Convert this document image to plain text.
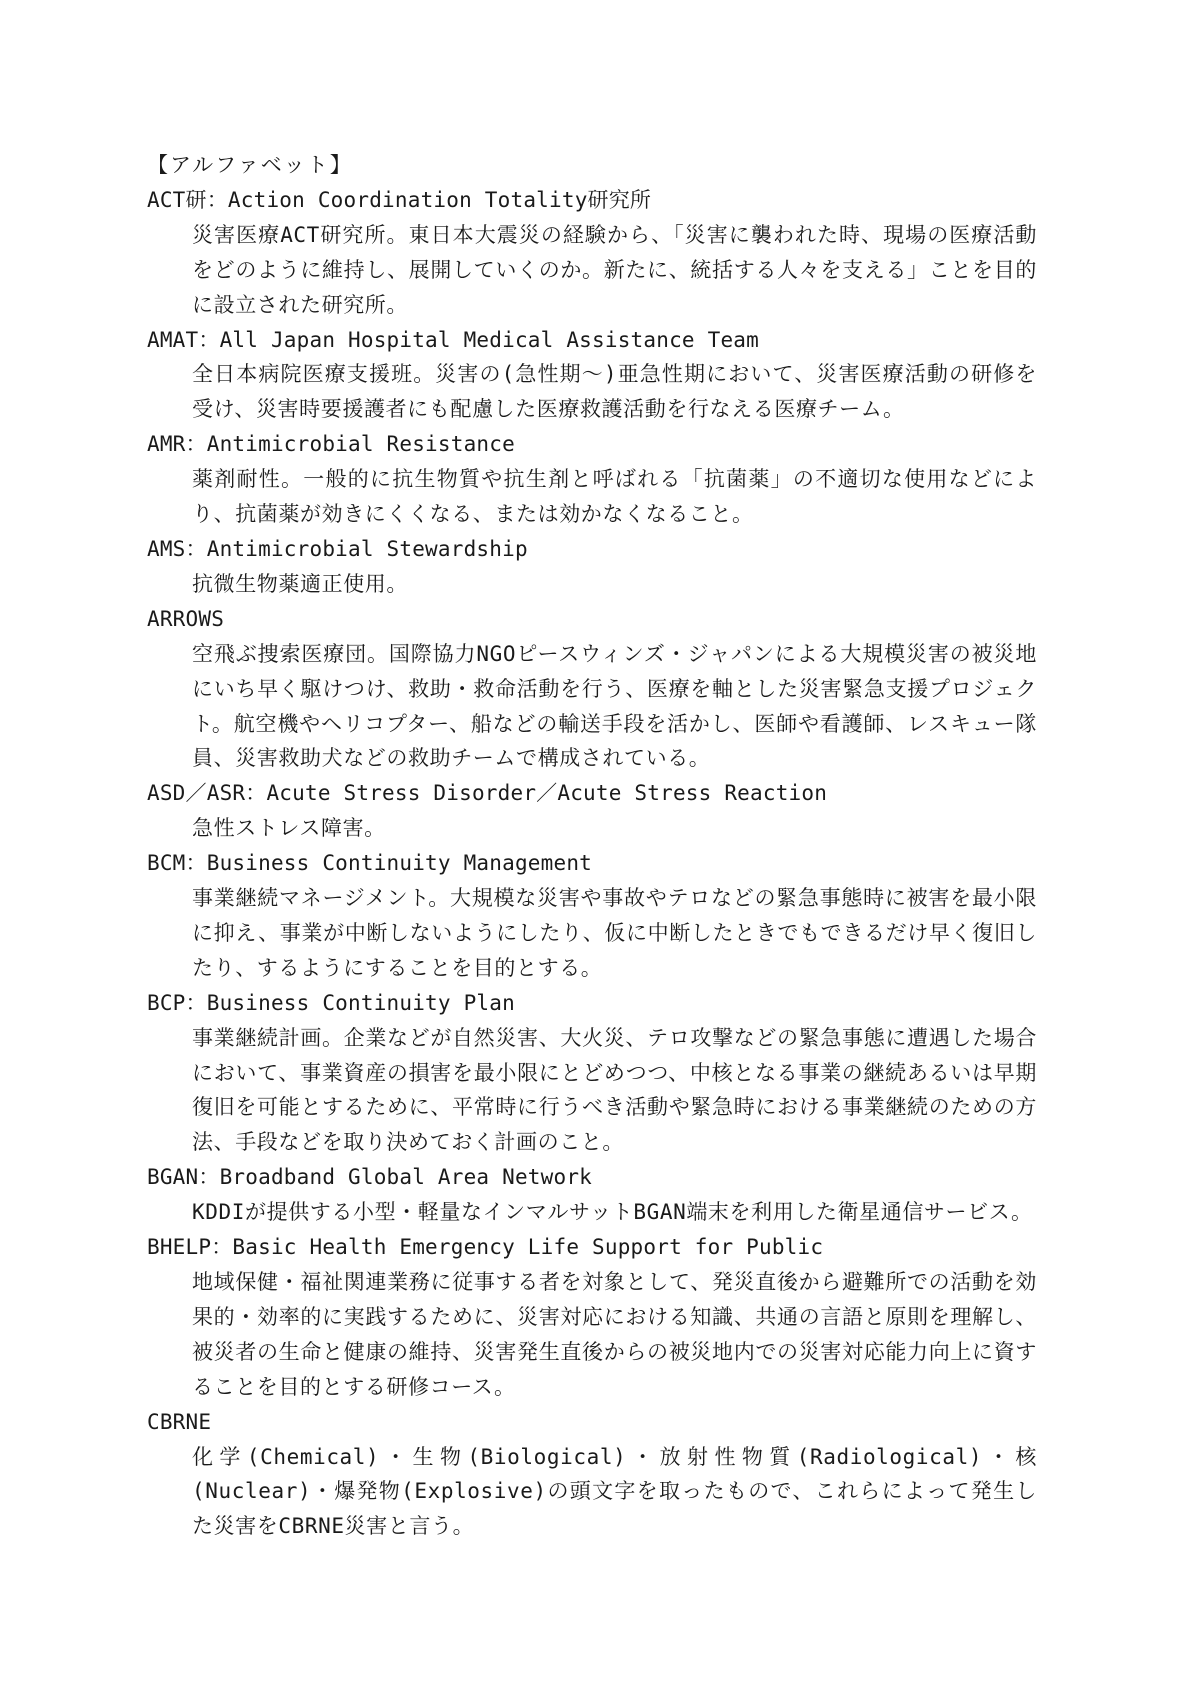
【アルファベット】

ACT研：Action Coordination Totality研究所

災害医療ACT研究所。東日本大震災の経験から、「災害に襲われた時、現場の医療活動をどのように維持し、展開していくのか。新たに、統括する人々を支える」ことを目的に設立された研究所。

AMAT：All Japan Hospital Medical Assistance Team

全日本病院医療支援班。災害の(急性期～)亜急性期において、災害医療活動の研修を受け、災害時要援護者にも配慮した医療救護活動を行なえる医療チーム。

AMR：Antimicrobial Resistance

薬剤耐性。一般的に抗生物質や抗生剤と呼ばれる「抗菌薬」の不適切な使用などにより、抗菌薬が効きにくくなる、または効かなくなること。

AMS：Antimicrobial Stewardship

抗微生物薬適正使用。

ARROWS

空飛ぶ捜索医療団。国際協力NGOピースウィンズ・ジャパンによる大規模災害の被災地にいち早く駆けつけ、救助・救命活動を行う、医療を軸とした災害緊急支援プロジェクト。航空機やヘリコプター、船などの輸送手段を活かし、医師や看護師、レスキュー隊員、災害救助犬などの救助チームで構成されている。

ASD／ASR：Acute Stress Disorder／Acute Stress Reaction

急性ストレス障害。

BCM：Business Continuity Management

事業継続マネージメント。大規模な災害や事故やテロなどの緊急事態時に被害を最小限に抑え、事業が中断しないようにしたり、仮に中断したときでもできるだけ早く復旧したり、するようにすることを目的とする。

BCP：Business Continuity Plan

事業継続計画。企業などが自然災害、大火災、テロ攻撃などの緊急事態に遭遇した場合において、事業資産の損害を最小限にとどめつつ、中核となる事業の継続あるいは早期復旧を可能とするために、平常時に行うべき活動や緊急時における事業継続のための方法、手段などを取り決めておく計画のこと。

BGAN：Broadband Global Area Network

KDDIが提供する小型・軽量なインマルサットBGAN端末を利用した衛星通信サービス。

BHELP：Basic Health Emergency Life Support for Public

地域保健・福祉関連業務に従事する者を対象として、発災直後から避難所での活動を効果的・効率的に実践するために、災害対応における知識、共通の言語と原則を理解し、被災者の生命と健康の維持、災害発生直後からの被災地内での災害対応能力向上に資することを目的とする研修コース。

CBRNE

化学(Chemical)・生物(Biological)・放射性物質(Radiological)・核(Nuclear)・爆発物(Explosive)の頭文字を取ったもので、これらによって発生した災害をCBRNE災害と言う。
